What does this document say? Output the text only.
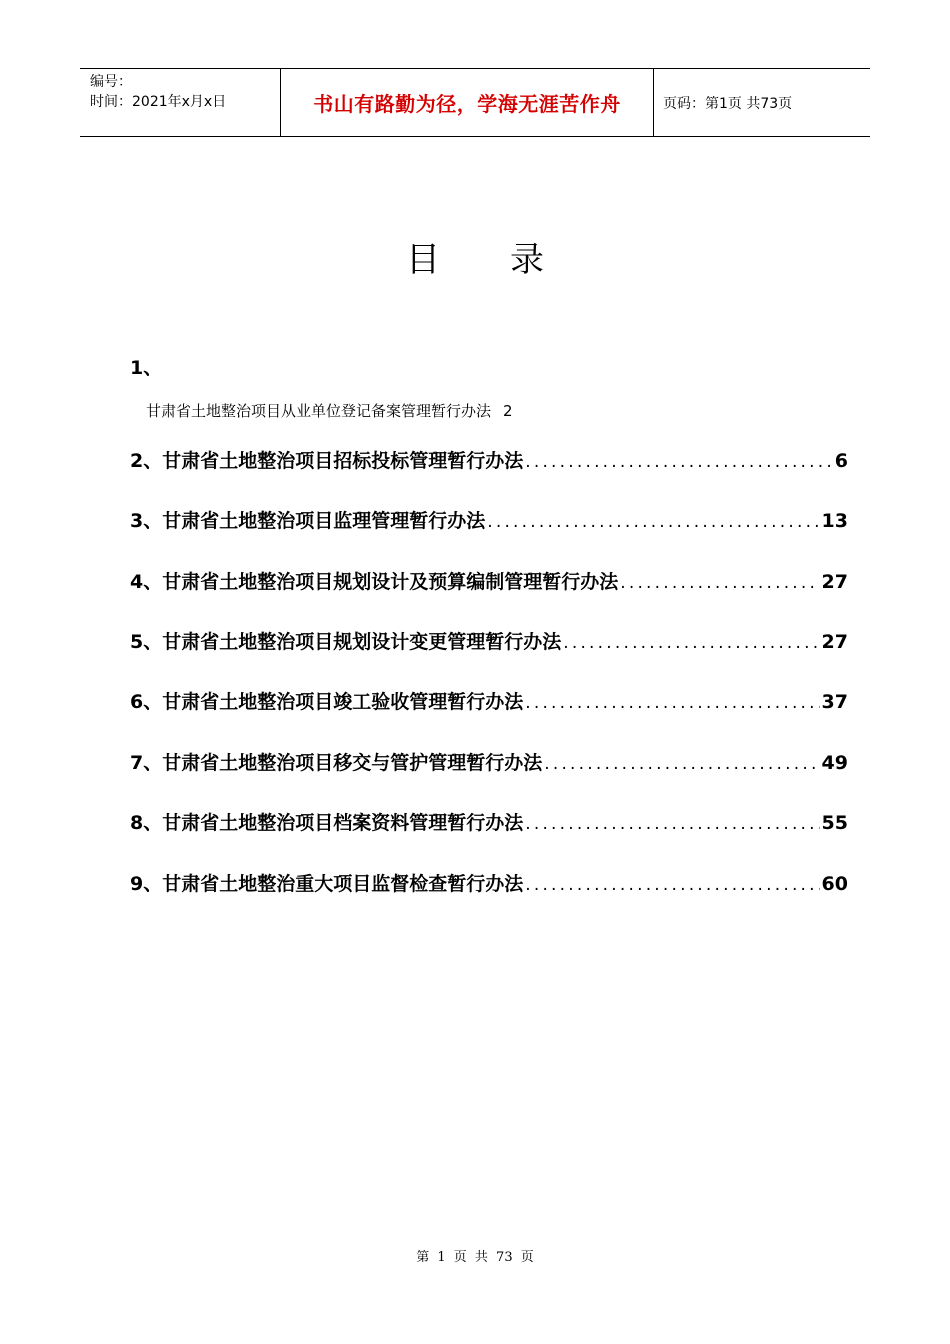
编号：
时间：2021年x月x日	书山有路勤为径，学海无涯苦作舟	页码：第1页 共73页
目录
1、
甘肃省土地整治项目从业单位登记备案管理暂行办法 2
2、甘肃省土地整治项目招标投标管理暂行办法 .....	6
3、甘肃省土地整治项目监理管理暂行办法 .....	13
4、甘肃省土地整治项目规划设计及预算编制管理暂行办法 .....	27
5、甘肃省土地整治项目规划设计变更管理暂行办法 .....	27
6、甘肃省土地整治项目竣工验收管理暂行办法 .....	37
7、甘肃省土地整治项目移交与管护管理暂行办法 .....	49
8、甘肃省土地整治项目档案资料管理暂行办法 .....	55
9、甘肃省土地整治重大项目监督检查暂行办法 .....	60
第 1 页 共 73 页
